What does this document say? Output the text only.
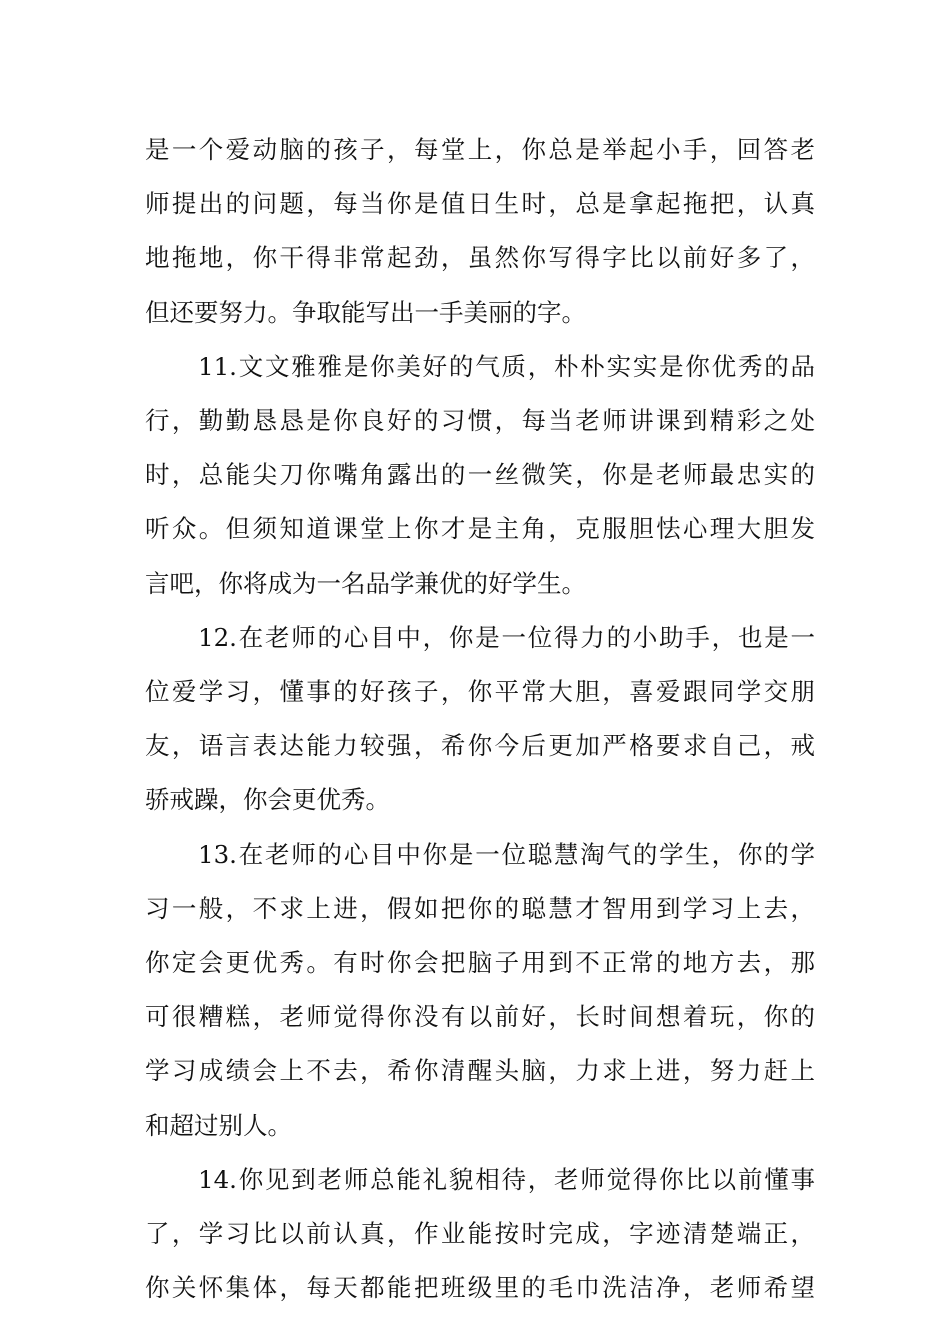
是一个爱动脑的孩子，每堂上，你总是举起小手，回答老
师提出的问题，每当你是值日生时，总是拿起拖把，认真
地拖地，你干得非常起劲，虽然你写得字比以前好多了，
但还要努力。争取能写出一手美丽的字。
11.文文雅雅是你美好的气质，朴朴实实是你优秀的品
行，勤勤恳恳是你良好的习惯，每当老师讲课到精彩之处
时，总能尖刀你嘴角露出的一丝微笑，你是老师最忠实的
听众。但须知道课堂上你才是主角，克服胆怯心理大胆发
言吧，你将成为一名品学兼优的好学生。
12.在老师的心目中，你是一位得力的小助手，也是一
位爱学习，懂事的好孩子，你平常大胆，喜爱跟同学交朋
友，语言表达能力较强，希你今后更加严格要求自己，戒
骄戒躁，你会更优秀。
13.在老师的心目中你是一位聪慧淘气的学生，你的学
习一般，不求上进，假如把你的聪慧才智用到学习上去，
你定会更优秀。有时你会把脑子用到不正常的地方去，那
可很糟糕，老师觉得你没有以前好，长时间想着玩，你的
学习成绩会上不去，希你清醒头脑，力求上进，努力赶上
和超过别人。
14.你见到老师总能礼貌相待，老师觉得你比以前懂事
了，学习比以前认真，作业能按时完成，字迹清楚端正，
你关怀集体，每天都能把班级里的毛巾洗洁净，老师希望
